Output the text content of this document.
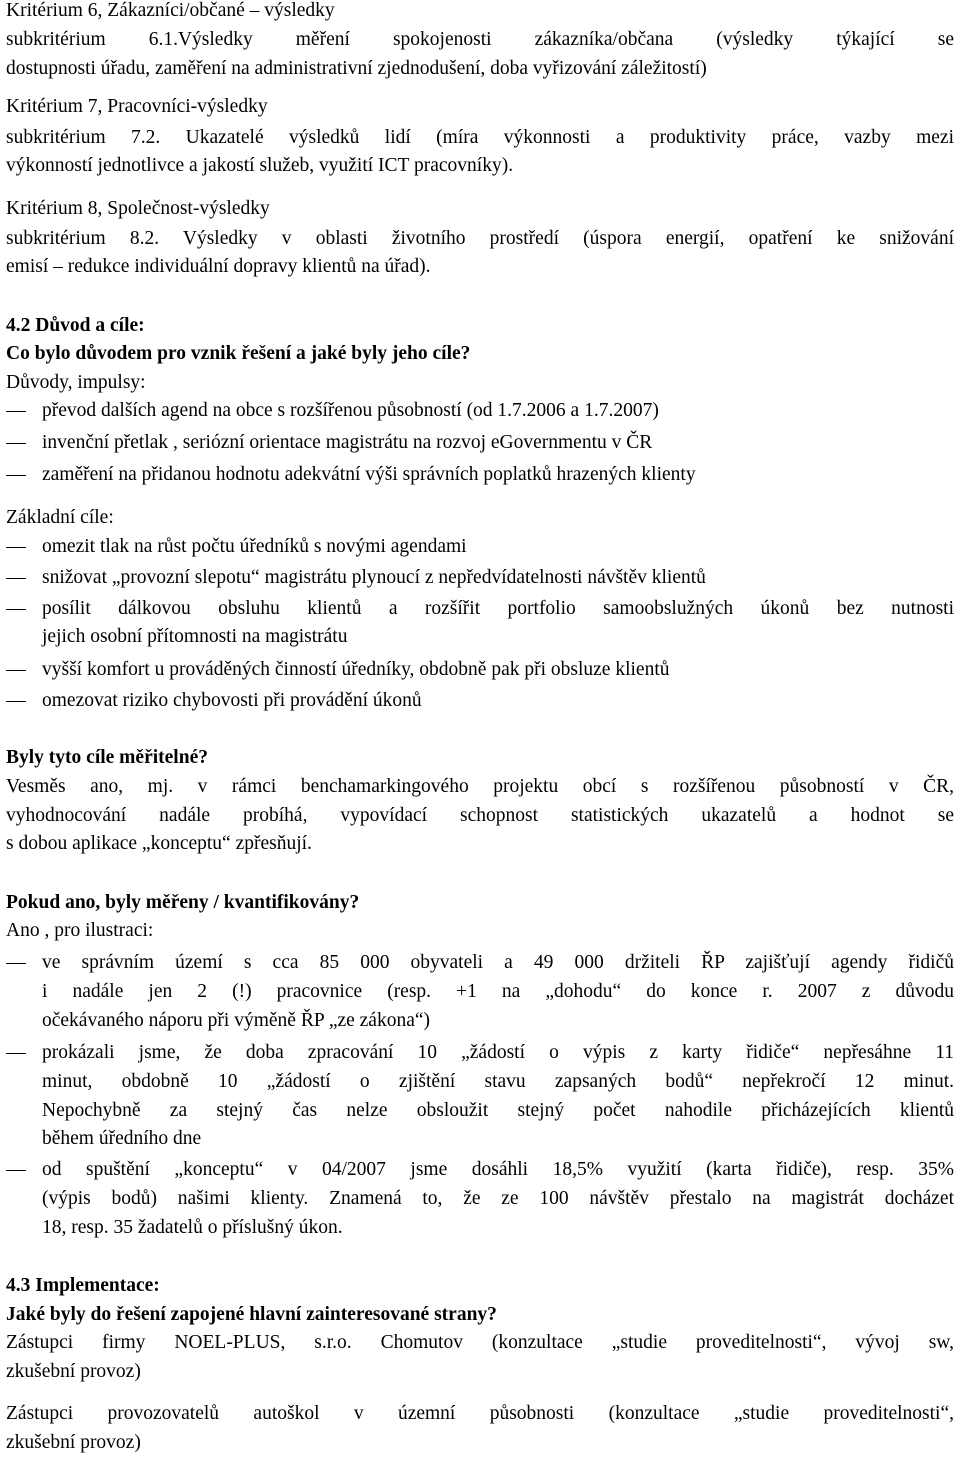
Kritérium 6, Zákazníci/občané – výsledky
subkritérium 6.1.Výsledky měření spokojenosti zákazníka/občana (výsledky týkající se
dostupnosti úřadu, zaměření na administrativní zjednodušení, doba vyřizování záležitostí)
Kritérium 7, Pracovníci-výsledky
subkritérium 7.2. Ukazatelé výsledků lidí (míra výkonnosti a produktivity práce, vazby mezi
výkonností jednotlivce a jakostí služeb, využití ICT pracovníky).
Kritérium 8, Společnost-výsledky
subkritérium 8.2. Výsledky v oblasti životního prostředí (úspora energií, opatření ke snižování
emisí – redukce individuální dopravy klientů na úřad).
4.2 Důvod a cíle:
Co bylo důvodem pro vznik řešení a jaké byly jeho cíle?
Důvody, impulsy:
převod dalších agend na obce s rozšířenou působností (od 1.7.2006 a 1.7.2007)
invenční přetlak , seriózní orientace magistrátu na rozvoj eGovernmentu v ČR
zaměření na přidanou hodnotu adekvátní výši správních poplatků hrazených klienty
Základní cíle:
omezit tlak na růst počtu úředníků s novými agendami
snižovat „provozní slepotu“ magistrátu plynoucí z nepředvídatelnosti návštěv klientů
posílit dálkovou obsluhu klientů a rozšířit portfolio samoobslužných úkonů bez nutnosti
jejich osobní přítomnosti na magistrátu
vyšší komfort u prováděných činností úředníky, obdobně pak při obsluze klientů
omezovat riziko chybovosti při provádění úkonů
Byly tyto cíle měřitelné?
Vesměs ano, mj. v rámci benchamarkingového projektu obcí s rozšířenou působností v ČR,
vyhodnocování nadále probíhá, vypovídací schopnost statistických ukazatelů a hodnot se
s dobou aplikace „konceptu“ zpřesňují.
Pokud ano, byly měřeny / kvantifikovány?
Ano , pro ilustraci:
ve správním území s cca 85 000 obyvateli a 49 000 držiteli ŘP zajišťují agendy řidičů
i nadále jen 2 (!) pracovnice (resp. +1 na „dohodu“ do konce r. 2007 z důvodu
očekávaného náporu při výměně ŘP „ze zákona“)
prokázali jsme, že doba zpracování 10 „žádostí o výpis z karty řidiče“ nepřesáhne 11
minut, obdobně 10 „žádostí o zjištění stavu zapsaných bodů“ nepřekročí 12 minut.
Nepochybně za stejný čas nelze obsloužit stejný počet nahodile přicházejících klientů
během úředního dne
od spuštění „konceptu“ v 04/2007 jsme dosáhli 18,5% využití (karta řidiče), resp. 35%
(výpis bodů) našimi klienty. Znamená to, že ze 100 návštěv přestalo na magistrát docházet
18, resp. 35 žadatelů o příslušný úkon.
4.3 Implementace:
Jaké byly do řešení zapojené hlavní zainteresované strany?
Zástupci firmy NOEL-PLUS, s.r.o. Chomutov (konzultace „studie proveditelnosti“, vývoj sw,
zkušební provoz)
Zástupci provozovatelů autoškol v územní působnosti (konzultace „studie proveditelnosti“,
zkušební provoz)
